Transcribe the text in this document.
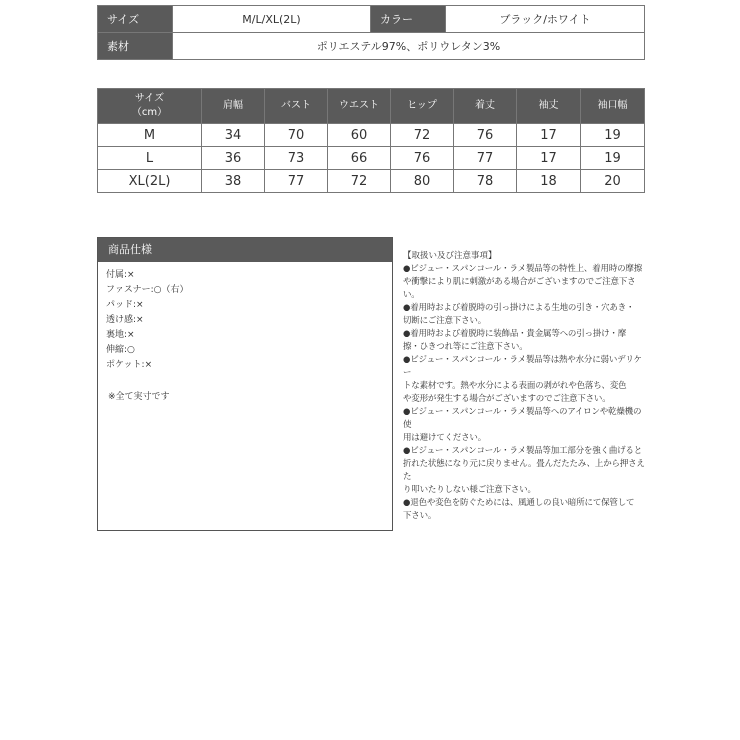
サイズ	M/L/XL(2L)	カラー	ブラック/ホワイト
素材	ポリエステル97%、ポリウレタン3%		
サイズ
（cm）	肩幅	バスト	ウエスト	ヒップ	着丈	袖丈	袖口幅
M	34	70	60	72	76	17	19
L	36	73	66	76	77	17	19
XL(2L)	38	77	72	80	78	18	20
商品仕様
付属:×
ファスナー:○（右）
パッド:×
透け感:×
裏地:×
伸縮:○
ポケット:×
※全て実寸です
【取扱い及び注意事項】

●ビジュー・スパンコール・ラメ製品等の特性上、着用時の摩擦

や衝撃により肌に刺激がある場合がございますのでご注意下さ

い。

●着用時および着脱時の引っ掛けによる生地の引き・穴あき・

切断にご注意下さい。

●着用時および着脱時に装飾品・貴金属等への引っ掛け・摩

擦・ひきつれ等にご注意下さい。

●ビジュー・スパンコール・ラメ製品等は熱や水分に弱いデリケー

トな素材です。熱や水分による表面の剥がれや色落ち、変色

や変形が発生する場合がございますのでご注意下さい。

●ビジュー・スパンコール・ラメ製品等へのアイロンや乾燥機の使

用は避けてください。

●ビジュー・スパンコール・ラメ製品等加工部分を強く曲げると

折れた状態になり元に戻りません。畳んだたたみ、上から押さえた

り叩いたりしない様ご注意下さい。

●退色や変色を防ぐためには、風通しの良い暗所にて保管して

下さい。
